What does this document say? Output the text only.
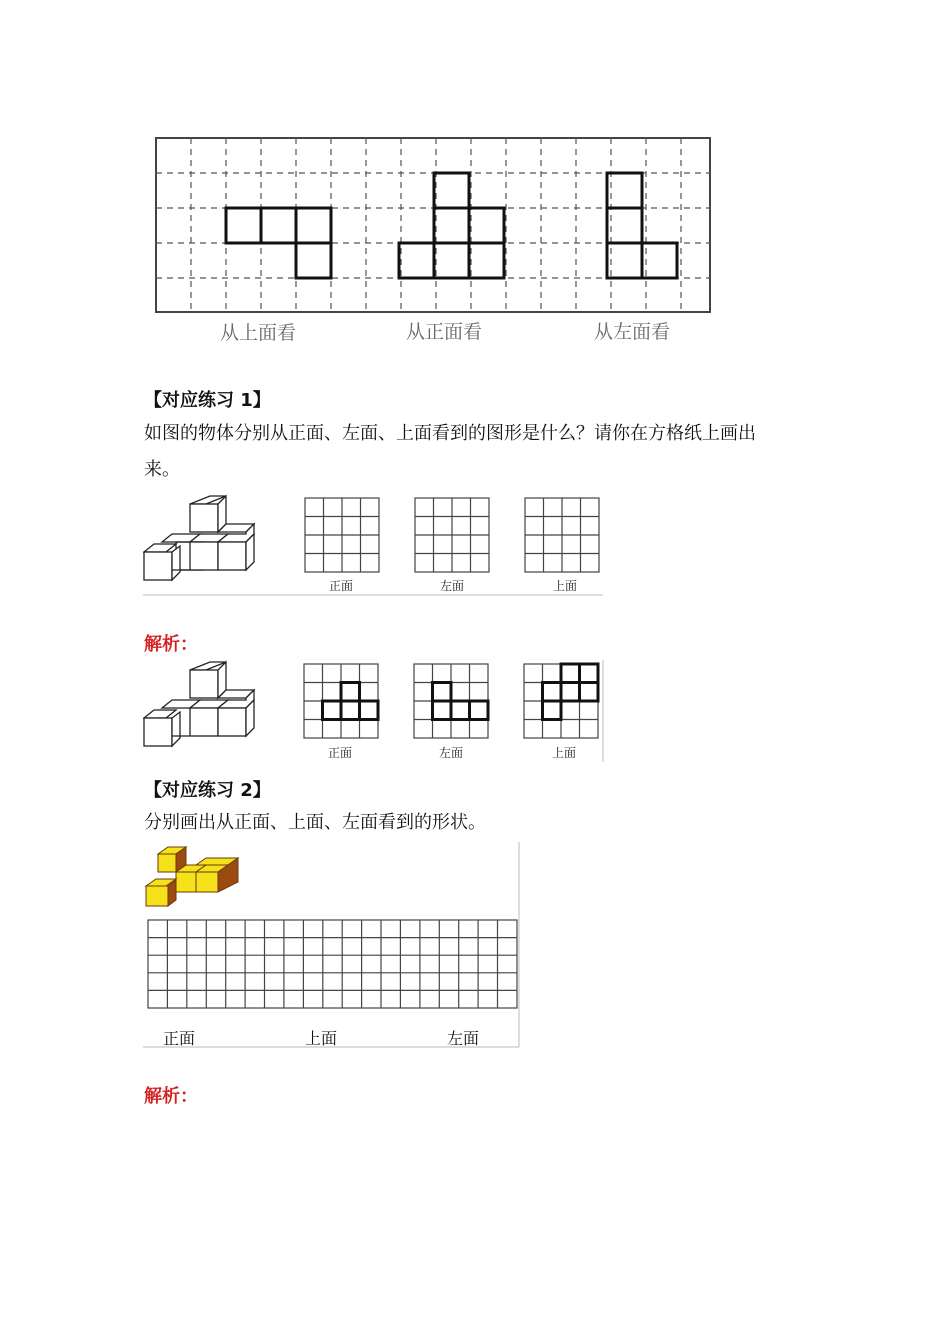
从上面看	从正面看	从左面看
【对应练习 1】
如图的物体分别从正面、左面、上面看到的图形是什么？请你在方格纸上画出
来。
正面	左面	上面
解析：
正面	左面	上面
【对应练习 2】
分别画出从正面、上面、左面看到的形状。
正面	上面	左面
解析：
